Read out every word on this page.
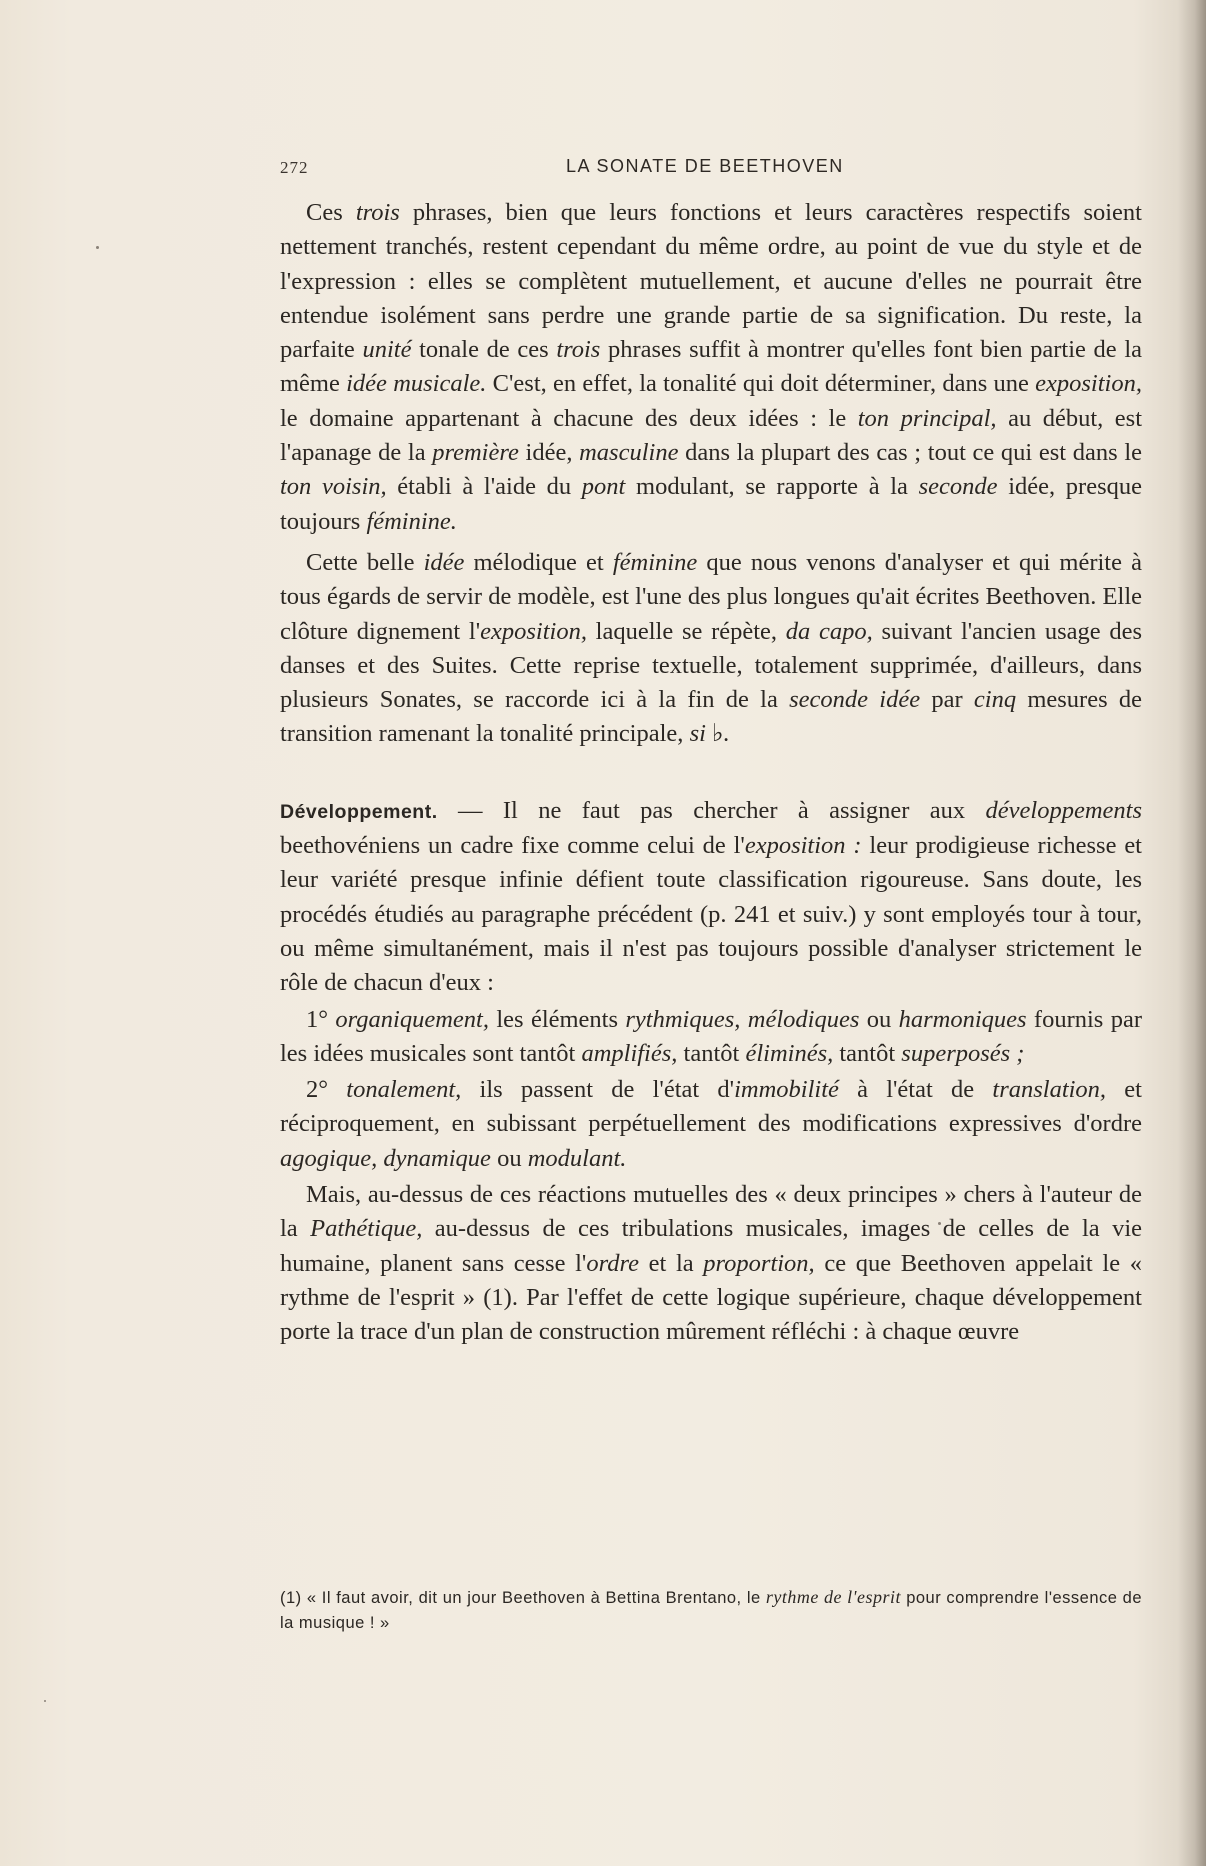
272	LA SONATE DE BEETHOVEN

Ces trois phrases, bien que leurs fonctions et leurs caractères respectifs soient nettement tranchés, restent cependant du même ordre, au point de vue du style et de l'expression : elles se complètent mutuellement, et aucune d'elles ne pourrait être entendue isolément sans perdre une grande partie de sa signification. Du reste, la parfaite unité tonale de ces trois phrases suffit à montrer qu'elles font bien partie de la même idée musicale. C'est, en effet, la tonalité qui doit déterminer, dans une exposition, le domaine appartenant à chacune des deux idées : le ton principal, au début, est l'apanage de la première idée, masculine dans la plupart des cas ; tout ce qui est dans le ton voisin, établi à l'aide du pont modulant, se rapporte à la seconde idée, presque toujours féminine.

Cette belle idée mélodique et féminine que nous venons d'analyser et qui mérite à tous égards de servir de modèle, est l'une des plus longues qu'ait écrites Beethoven. Elle clôture dignement l'exposition, laquelle se répète, da capo, suivant l'ancien usage des danses et des Suites. Cette reprise textuelle, totalement supprimée, d'ailleurs, dans plusieurs Sonates, se raccorde ici à la fin de la seconde idée par cinq mesures de transition ramenant la tonalité principale, si ♭.

Développement. — Il ne faut pas chercher à assigner aux développements beethovéniens un cadre fixe comme celui de l'exposition : leur prodigieuse richesse et leur variété presque infinie défient toute classification rigoureuse. Sans doute, les procédés étudiés au paragraphe précédent (p. 241 et suiv.) y sont employés tour à tour, ou même simultanément, mais il n'est pas toujours possible d'analyser strictement le rôle de chacun d'eux :

1° organiquement, les éléments rythmiques, mélodiques ou harmoniques fournis par les idées musicales sont tantôt amplifiés, tantôt éliminés, tantôt superposés ;

2° tonalement, ils passent de l'état d'immobilité à l'état de translation, et réciproquement, en subissant perpétuellement des modifications expressives d'ordre agogique, dynamique ou modulant.

Mais, au-dessus de ces réactions mutuelles des « deux principes » chers à l'auteur de la Pathétique, au-dessus de ces tribulations musicales, images de celles de la vie humaine, planent sans cesse l'ordre et la proportion, ce que Beethoven appelait le « rythme de l'esprit » (1). Par l'effet de cette logique supérieure, chaque développement porte la trace d'un plan de construction mûrement réfléchi : à chaque œuvre

(1) « Il faut avoir, dit un jour Beethoven à Bettina Brentano, le rythme de l'esprit pour comprendre l'essence de la musique ! »
